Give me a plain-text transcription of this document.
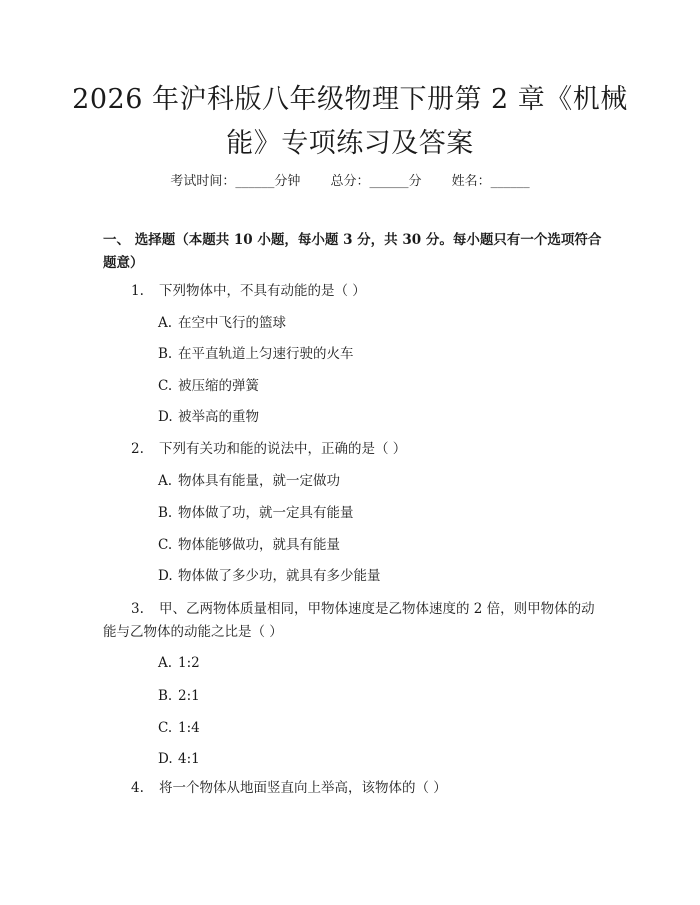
2026 年沪科版八年级物理下册第 2 章《机械
能》专项练习及答案
考试时间：______分钟 总分：______分 姓名：______
一、 选择题（本题共 10 小题，每小题 3 分，共 30 分。每小题只有一个选项符合
题意）
1. 下列物体中，不具有动能的是（ ）
A. 在空中飞行的篮球
B. 在平直轨道上匀速行驶的火车
C. 被压缩的弹簧
D. 被举高的重物
2. 下列有关功和能的说法中，正确的是（ ）
A. 物体具有能量，就一定做功
B. 物体做了功，就一定具有能量
C. 物体能够做功，就具有能量
D. 物体做了多少功，就具有多少能量
3. 甲、乙两物体质量相同，甲物体速度是乙物体速度的 2 倍，则甲物体的动
能与乙物体的动能之比是（ ）
A. 1:2
B. 2:1
C. 1:4
D. 4:1
4. 将一个物体从地面竖直向上举高，该物体的（ ）
